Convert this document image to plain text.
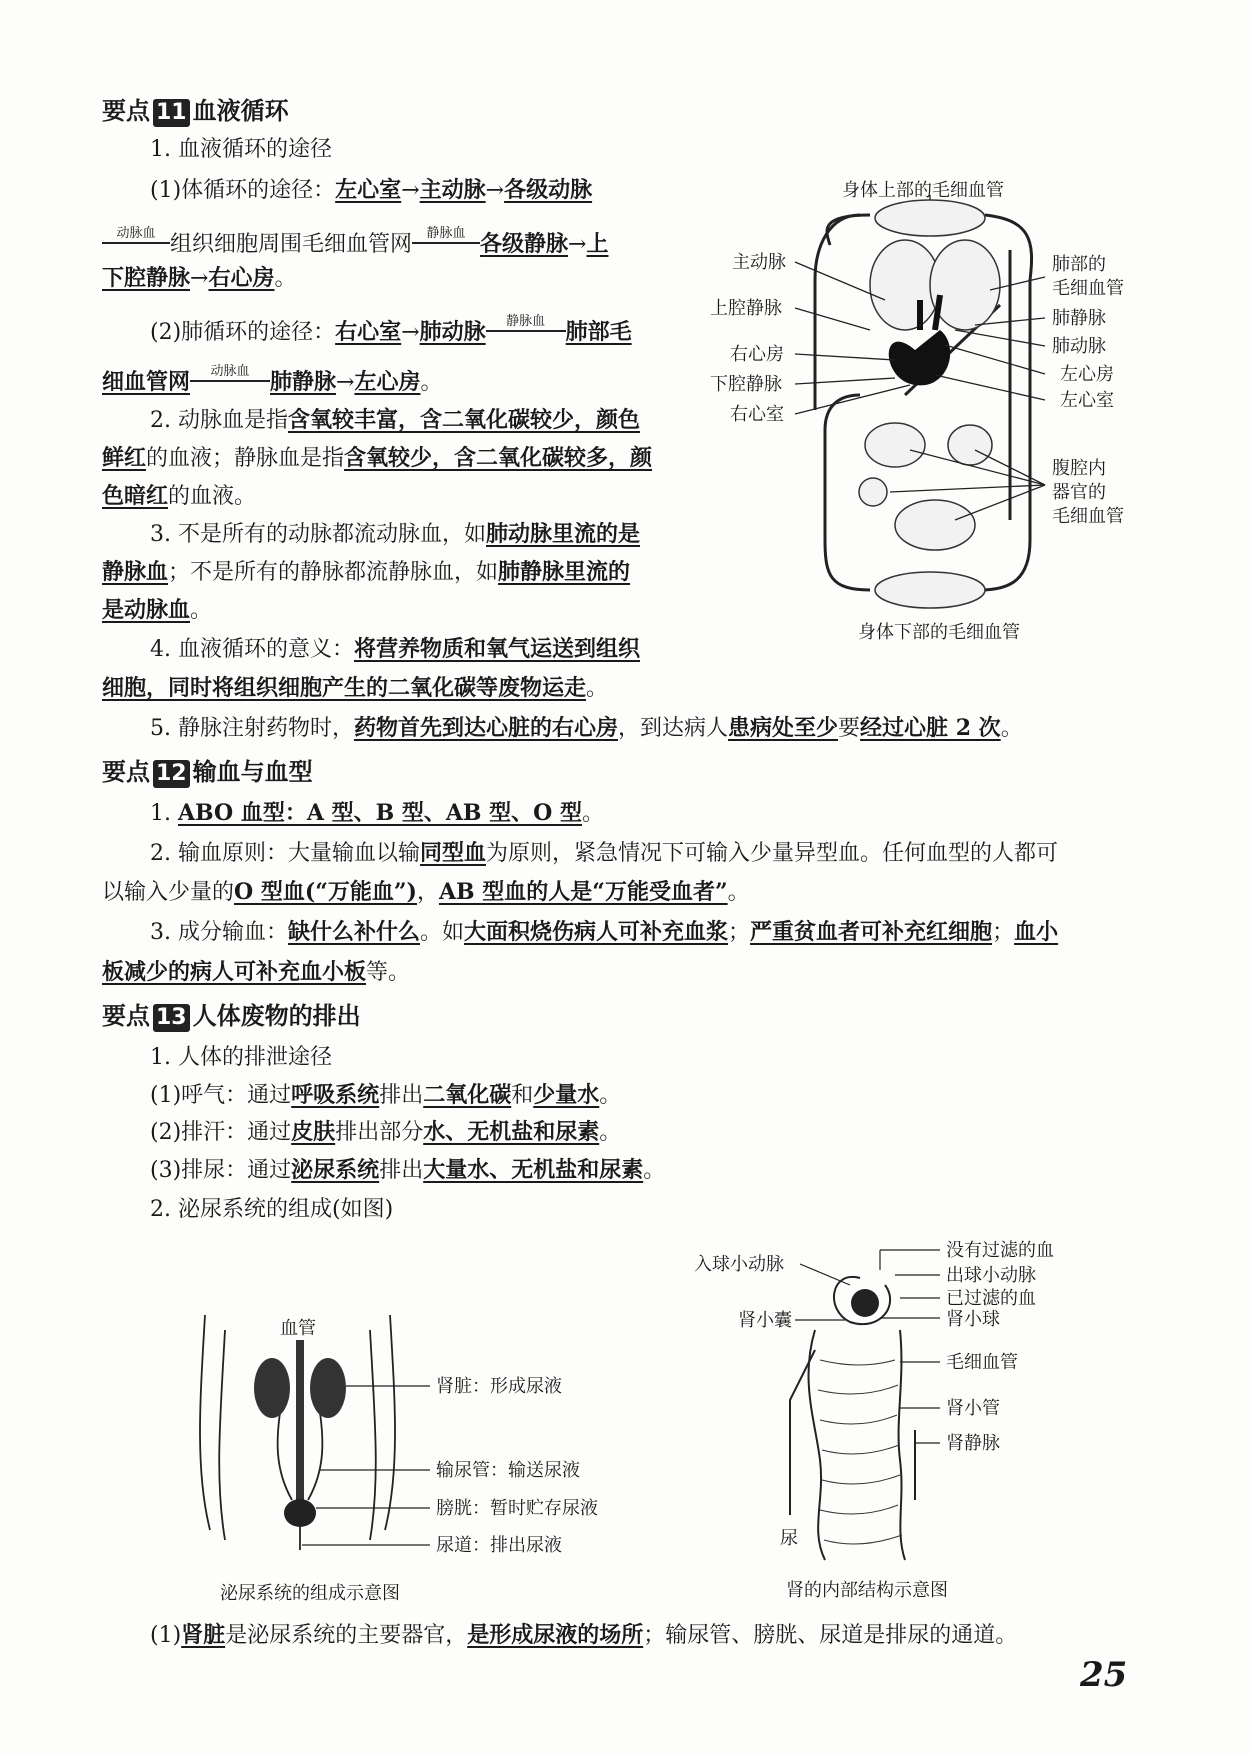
要点 11 血液循环
1. 血液循环的途径
(1)体循环的途径：左心室→主动脉→各级动脉
动脉血 组织细胞周围毛细血管网 静脉血 各级静脉→上
下腔静脉→右心房。
(2)肺循环的途径：右心室→肺动脉 静脉血 肺部毛
细血管网 动脉血 肺静脉→左心房。
2. 动脉血是指含氧较丰富，含二氧化碳较少，颜色
鲜红的血液；静脉血是指含氧较少，含二氧化碳较多，颜
色暗红的血液。
3. 不是所有的动脉都流动脉血，如肺动脉里流的是
静脉血；不是所有的静脉都流静脉血，如肺静脉里流的
是动脉血。
4. 血液循环的意义：将营养物质和氧气运送到组织
细胞，同时将组织细胞产生的二氧化碳等废物运走。
5. 静脉注射药物时，药物首先到达心脏的右心房，到达病人患病处至少要经过心脏 2 次。
要点 12 输血与血型
1. ABO 血型：A 型、B 型、AB 型、O 型。
2. 输血原则：大量输血以输同型血为原则，紧急情况下可输入少量异型血。任何血型的人都可
以输入少量的O 型血(“万能血”)，AB 型血的人是“万能受血者”。
3. 成分输血：缺什么补什么。如大面积烧伤病人可补充血浆；严重贫血者可补充红细胞；血小
板减少的病人可补充血小板等。
要点 13 人体废物的排出
1. 人体的排泄途径
(1)呼气：通过呼吸系统排出二氧化碳和少量水。
(2)排汗：通过皮肤排出部分水、无机盐和尿素。
(3)排尿：通过泌尿系统排出大量水、无机盐和尿素。
2. 泌尿系统的组成(如图)
(1)肾脏是泌尿系统的主要器官，是形成尿液的场所；输尿管、膀胱、尿道是排尿的通道。
身体上部的毛细血管
身体下部的毛细血管
主动脉
上腔静脉
右心房
下腔静脉
右心室
肺部的
毛细血管
肺静脉
肺动脉
左心房
左心室
腹腔内
器官的
毛细血管
血管
肾脏：形成尿液
输尿管：输送尿液
膀胱：暂时贮存尿液
尿道：排出尿液
泌尿系统的组成示意图
没有过滤的血
入球小动脉
出球小动脉
已过滤的血
肾小囊	肾小球
毛细血管
肾小管
肾静脉
尿
肾的内部结构示意图
25
